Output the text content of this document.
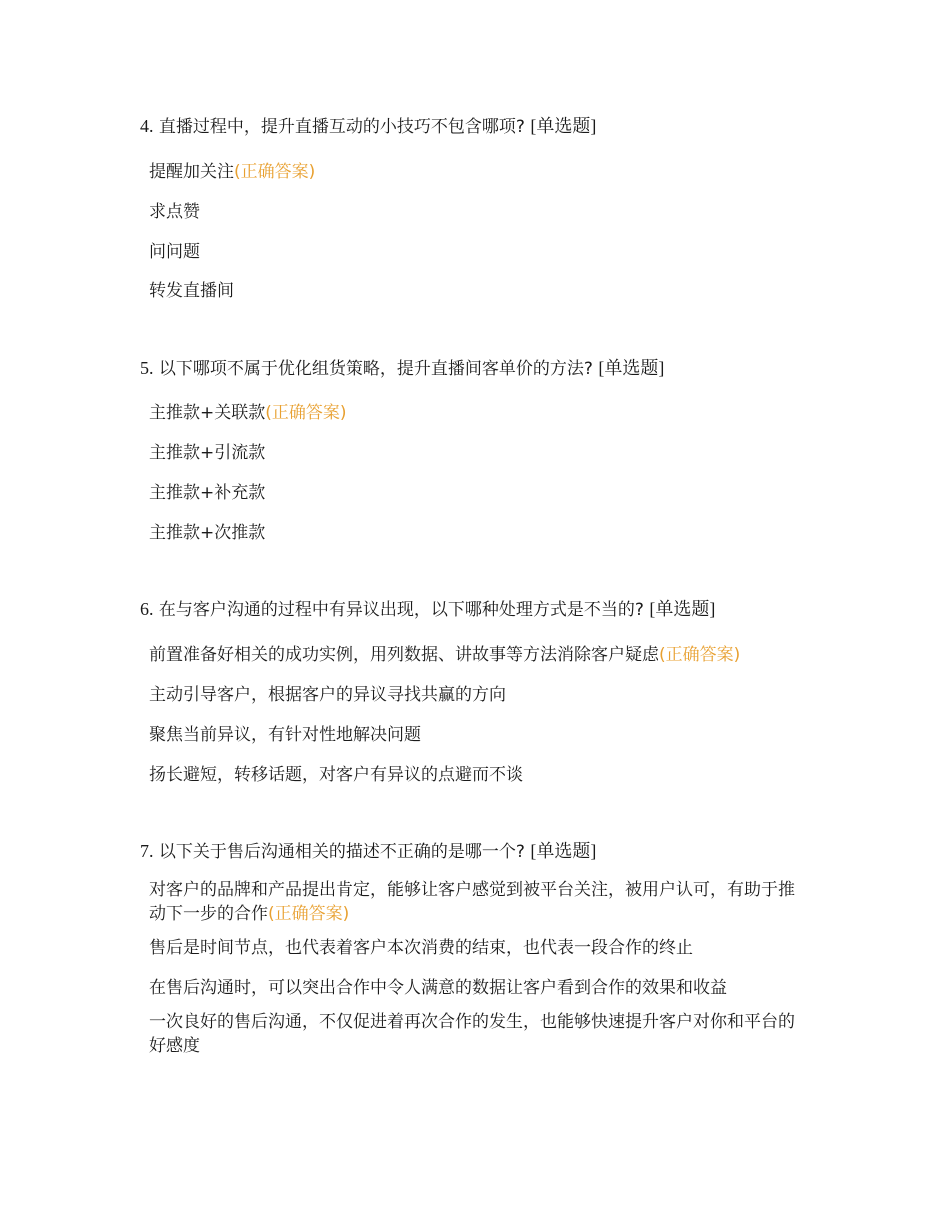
4. 直播过程中，提升直播互动的小技巧不包含哪项? [单选题]
提醒加关注(正确答案)
求点赞
问问题
转发直播间
5. 以下哪项不属于优化组货策略，提升直播间客单价的方法? [单选题]
主推款+关联款(正确答案)
主推款+引流款
主推款+补充款
主推款+次推款
6. 在与客户沟通的过程中有异议出现，以下哪种处理方式是不当的? [单选题]
前置准备好相关的成功实例，用列数据、讲故事等方法消除客户疑虑(正确答案)
主动引导客户，根据客户的异议寻找共赢的方向
聚焦当前异议，有针对性地解决问题
扬长避短，转移话题，对客户有异议的点避而不谈
7. 以下关于售后沟通相关的描述不正确的是哪一个? [单选题]
对客户的品牌和产品提出肯定，能够让客户感觉到被平台关注，被用户认可，有助于推动下一步的合作(正确答案)
售后是时间节点，也代表着客户本次消费的结束，也代表一段合作的终止
在售后沟通时，可以突出合作中令人满意的数据让客户看到合作的效果和收益
一次良好的售后沟通，不仅促进着再次合作的发生，也能够快速提升客户对你和平台的好感度
